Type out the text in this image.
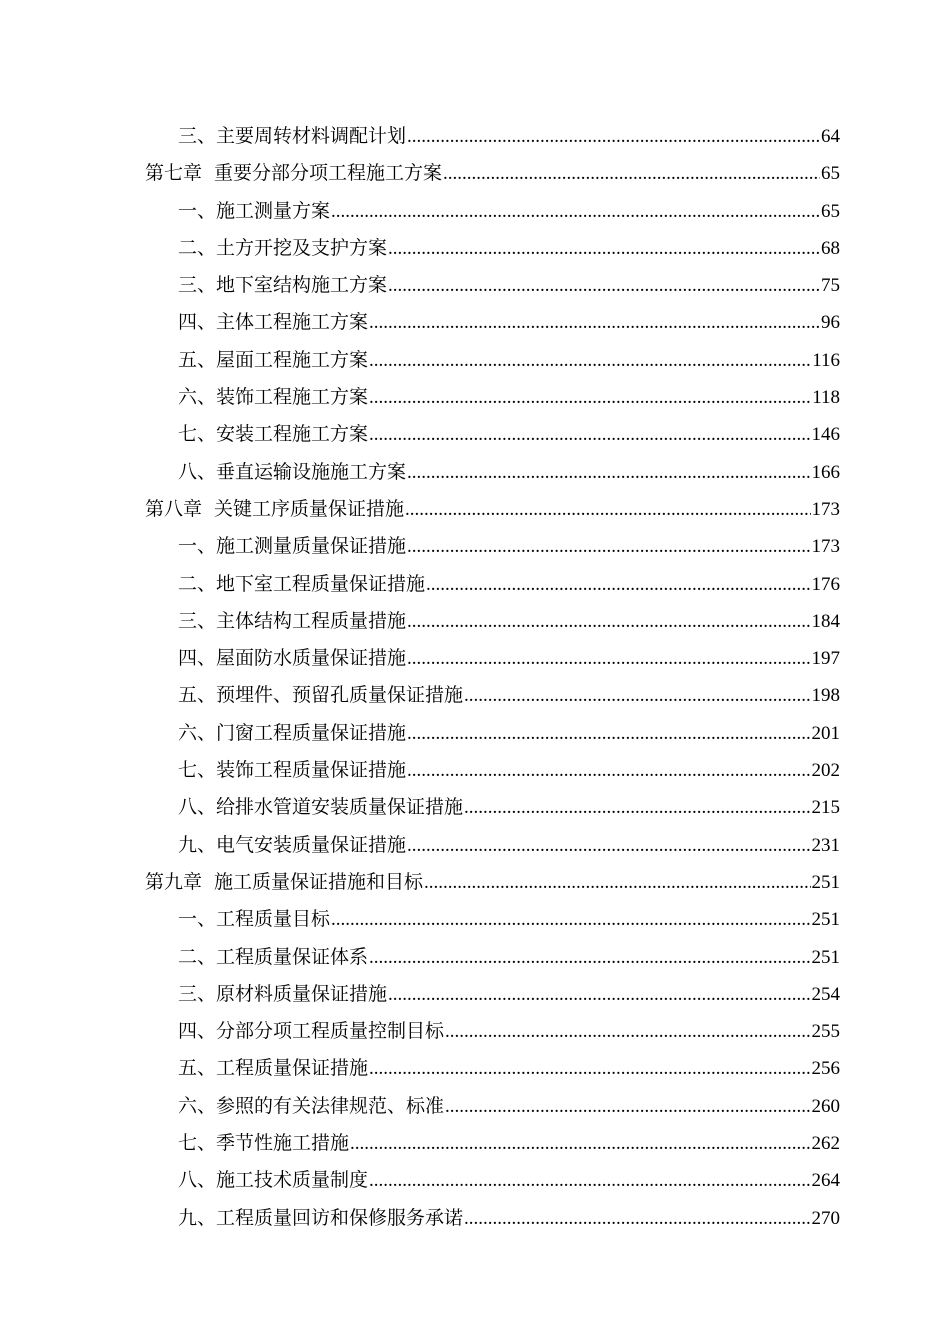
三、主要周转材料调配计划 .....	64
第七章 重要分部分项工程施工方案 .....	65
一、施工测量方案 .....	65
二、土方开挖及支护方案 .....	68
三、地下室结构施工方案 .....	75
四、主体工程施工方案 .....	96
五、屋面工程施工方案 .....	116
六、装饰工程施工方案 .....	118
七、安装工程施工方案 .....	146
八、垂直运输设施施工方案 .....	166
第八章 关键工序质量保证措施 .....	173
一、施工测量质量保证措施 .....	173
二、地下室工程质量保证措施 .....	176
三、主体结构工程质量措施 .....	184
四、屋面防水质量保证措施 .....	197
五、预埋件、预留孔质量保证措施 .....	198
六、门窗工程质量保证措施 .....	201
七、装饰工程质量保证措施 .....	202
八、给排水管道安装质量保证措施 .....	215
九、电气安装质量保证措施 .....	231
第九章 施工质量保证措施和目标 .....	251
一、工程质量目标 .....	251
二、工程质量保证体系 .....	251
三、原材料质量保证措施 .....	254
四、分部分项工程质量控制目标 .....	255
五、工程质量保证措施 .....	256
六、参照的有关法律规范、标准 .....	260
七、季节性施工措施 .....	262
八、施工技术质量制度 .....	264
九、工程质量回访和保修服务承诺 .....	270
